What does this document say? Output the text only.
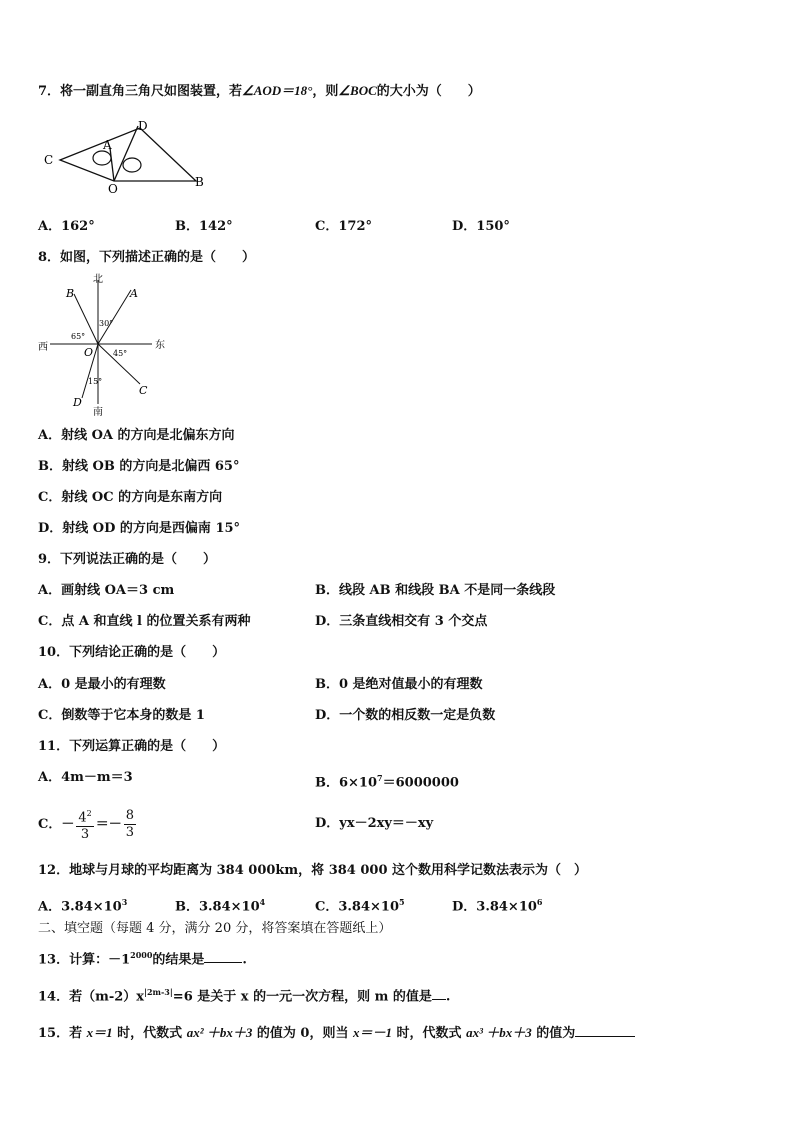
7．将一副直角三角尺如图装置，若∠AOD＝18°，则∠BOC的大小为（　　）
D
A
C
O	B
A．162°	B．142°	C．172°	D．150°
8．如图，下列描述正确的是（　　）
北
南
东
西
A
B
C
D
O
30°
65°
45°
15°
A．射线 OA 的方向是北偏东方向
B．射线 OB 的方向是北偏西 65°
C．射线 OC 的方向是东南方向
D．射线 OD 的方向是西偏南 15°
9．下列说法正确的是（　　）
A．画射线 OA＝3 cm	B．线段 AB 和线段 BA 不是同一条线段
C．点 A 和直线 l 的位置关系有两种	D．三条直线相交有 3 个交点
10．下列结论正确的是（　　）
A．0 是最小的有理数	B．0 是绝对值最小的有理数
C．倒数等于它本身的数是 1	D．一个数的相反数一定是负数
11．下列运算正确的是（　　）
A．4m－m＝3	B．$6\times 10^7=6000000$
C． － $\frac{4^2}{3} =- \frac{8}{3}$	D．yx－2xy＝－xy
12．地球与月球的平均距离为 384 000km，将 384 000 这个数用科学记数法表示为（　）
A．$3.84\times 10^3$	B．$3.84\times 10^4$	C．$3.84\times 10^5$	D．$3.84\times 10^6$
二、填空题（每题 4 分，满分 20 分，将答案填在答题纸上）
13．计算：$-1^{2000}$的结果是	.
14．若$(m-2)x^{|2m-3|}=6$ 是关于 x 的一元一次方程，则 m 的值是 .
15．若 x＝1 时，代数式 ax² ＋bx＋3 的值为 0，则当 x＝－1 时，代数式 ax³ ＋bx＋3 的值为
